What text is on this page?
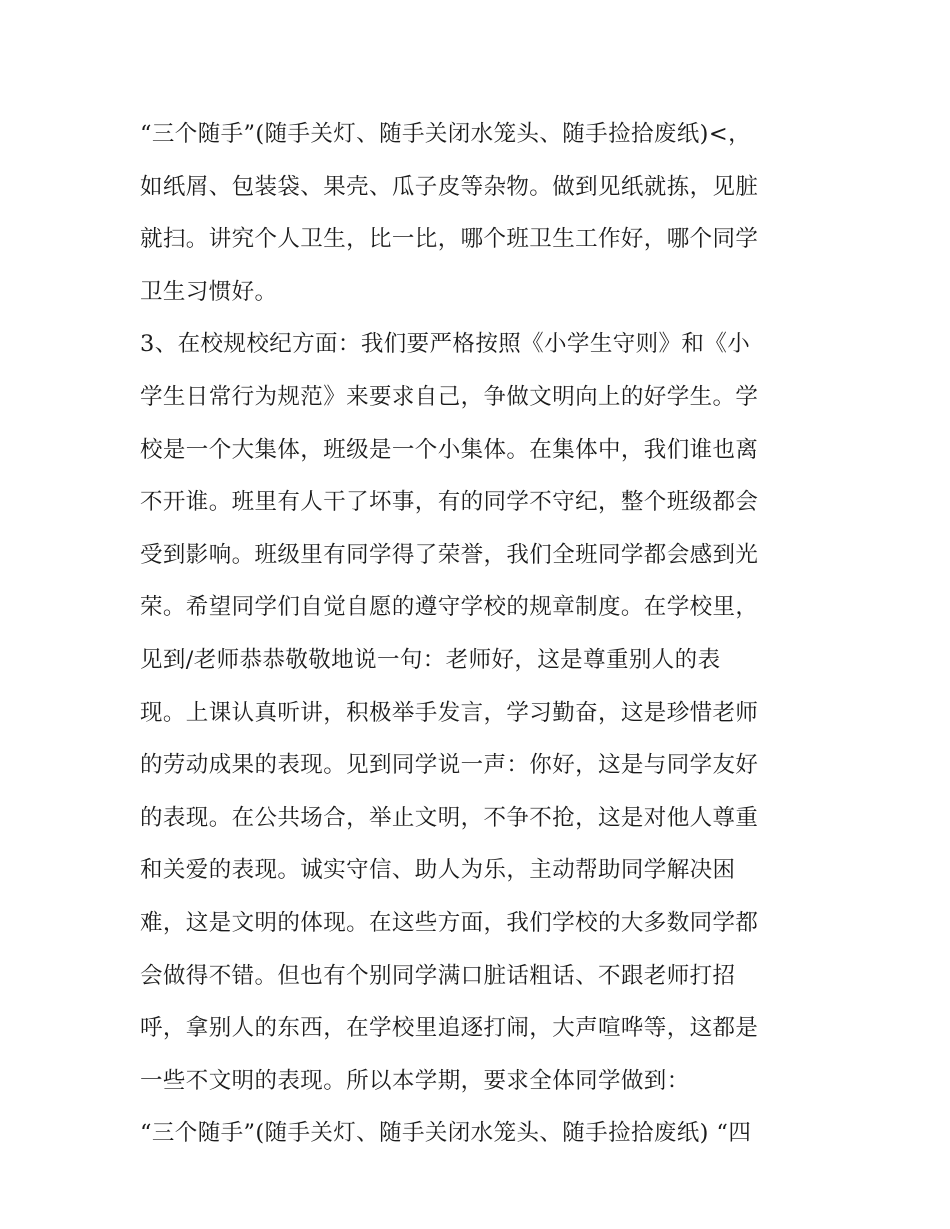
“三个随手”(随手关灯、随手关闭水笼头、随手捡拾废纸)<，
如纸屑、包装袋、果壳、瓜子皮等杂物。做到见纸就拣，见脏
就扫。讲究个人卫生，比一比，哪个班卫生工作好，哪个同学
卫生习惯好。
3、在校规校纪方面：我们要严格按照《小学生守则》和《小
学生日常行为规范》来要求自己，争做文明向上的好学生。学
校是一个大集体，班级是一个小集体。在集体中，我们谁也离
不开谁。班里有人干了坏事，有的同学不守纪，整个班级都会
受到影响。班级里有同学得了荣誉，我们全班同学都会感到光
荣。希望同学们自觉自愿的遵守学校的规章制度。在学校里，
见到/老师恭恭敬敬地说一句：老师好，这是尊重别人的表
现。上课认真听讲，积极举手发言，学习勤奋，这是珍惜老师
的劳动成果的表现。见到同学说一声：你好，这是与同学友好
的表现。在公共场合，举止文明，不争不抢，这是对他人尊重
和关爱的表现。诚实守信、助人为乐，主动帮助同学解决困
难，这是文明的体现。在这些方面，我们学校的大多数同学都
会做得不错。但也有个别同学满口脏话粗话、不跟老师打招
呼，拿别人的东西，在学校里追逐打闹，大声喧哗等，这都是
一些不文明的表现。所以本学期，要求全体同学做到：
“三个随手”(随手关灯、随手关闭水笼头、随手捡拾废纸) “四
